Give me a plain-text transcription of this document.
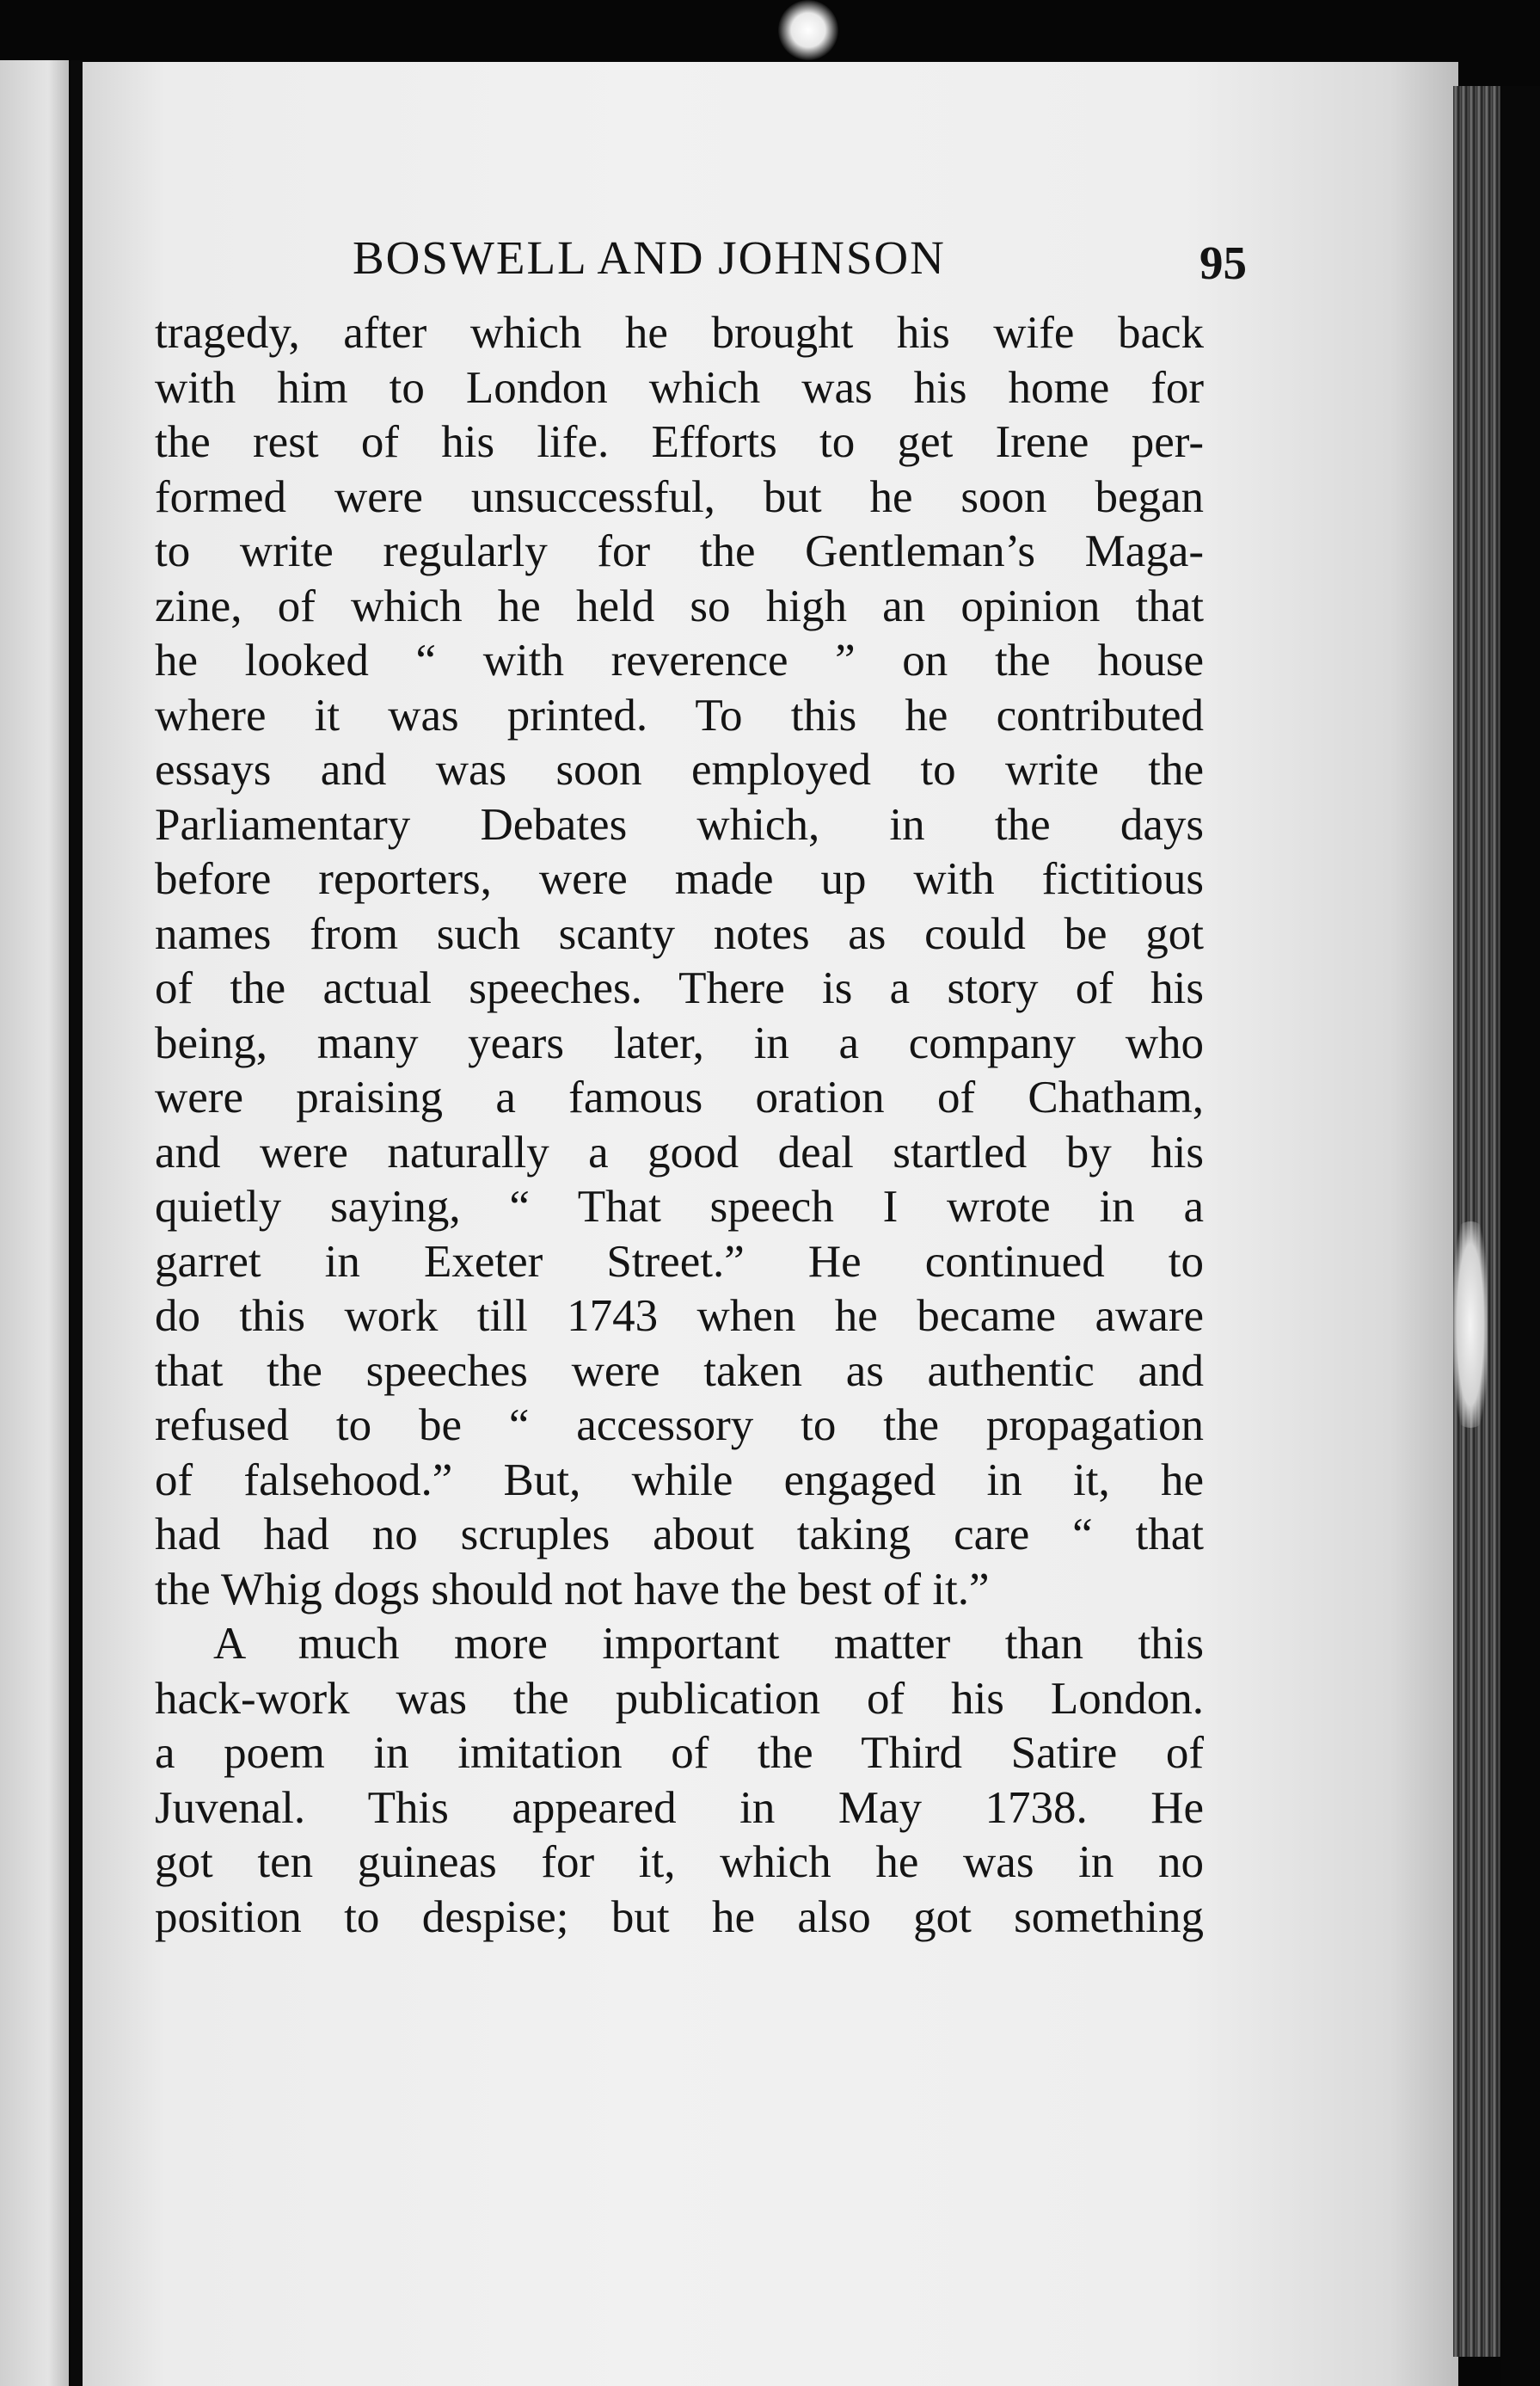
BOSWELL AND JOHNSON	95
tragedy, after which he brought his wife back
with him to London which was his home for
the rest of his life. Efforts to get Irene per-
formed were unsuccessful, but he soon began
to write regularly for the Gentleman’s Maga-
zine, of which he held so high an opinion that
he looked “ with reverence ” on the house
where it was printed. To this he contributed
essays and was soon employed to write the
Parliamentary Debates which, in the days
before reporters, were made up with fictitious
names from such scanty notes as could be got
of the actual speeches. There is a story of his
being, many years later, in a company who
were praising a famous oration of Chatham,
and were naturally a good deal startled by his
quietly saying, “ That speech I wrote in a
garret in Exeter Street.” He continued to
do this work till 1743 when he became aware
that the speeches were taken as authentic and
refused to be “ accessory to the propagation
of falsehood.” But, while engaged in it, he
had had no scruples about taking care “ that
the Whig dogs should not have the best of it.”
A much more important matter than this
hack-work was the publication of his London.
a poem in imitation of the Third Satire of
Juvenal. This appeared in May 1738. He
got ten guineas for it, which he was in no
position to despise; but he also got something
